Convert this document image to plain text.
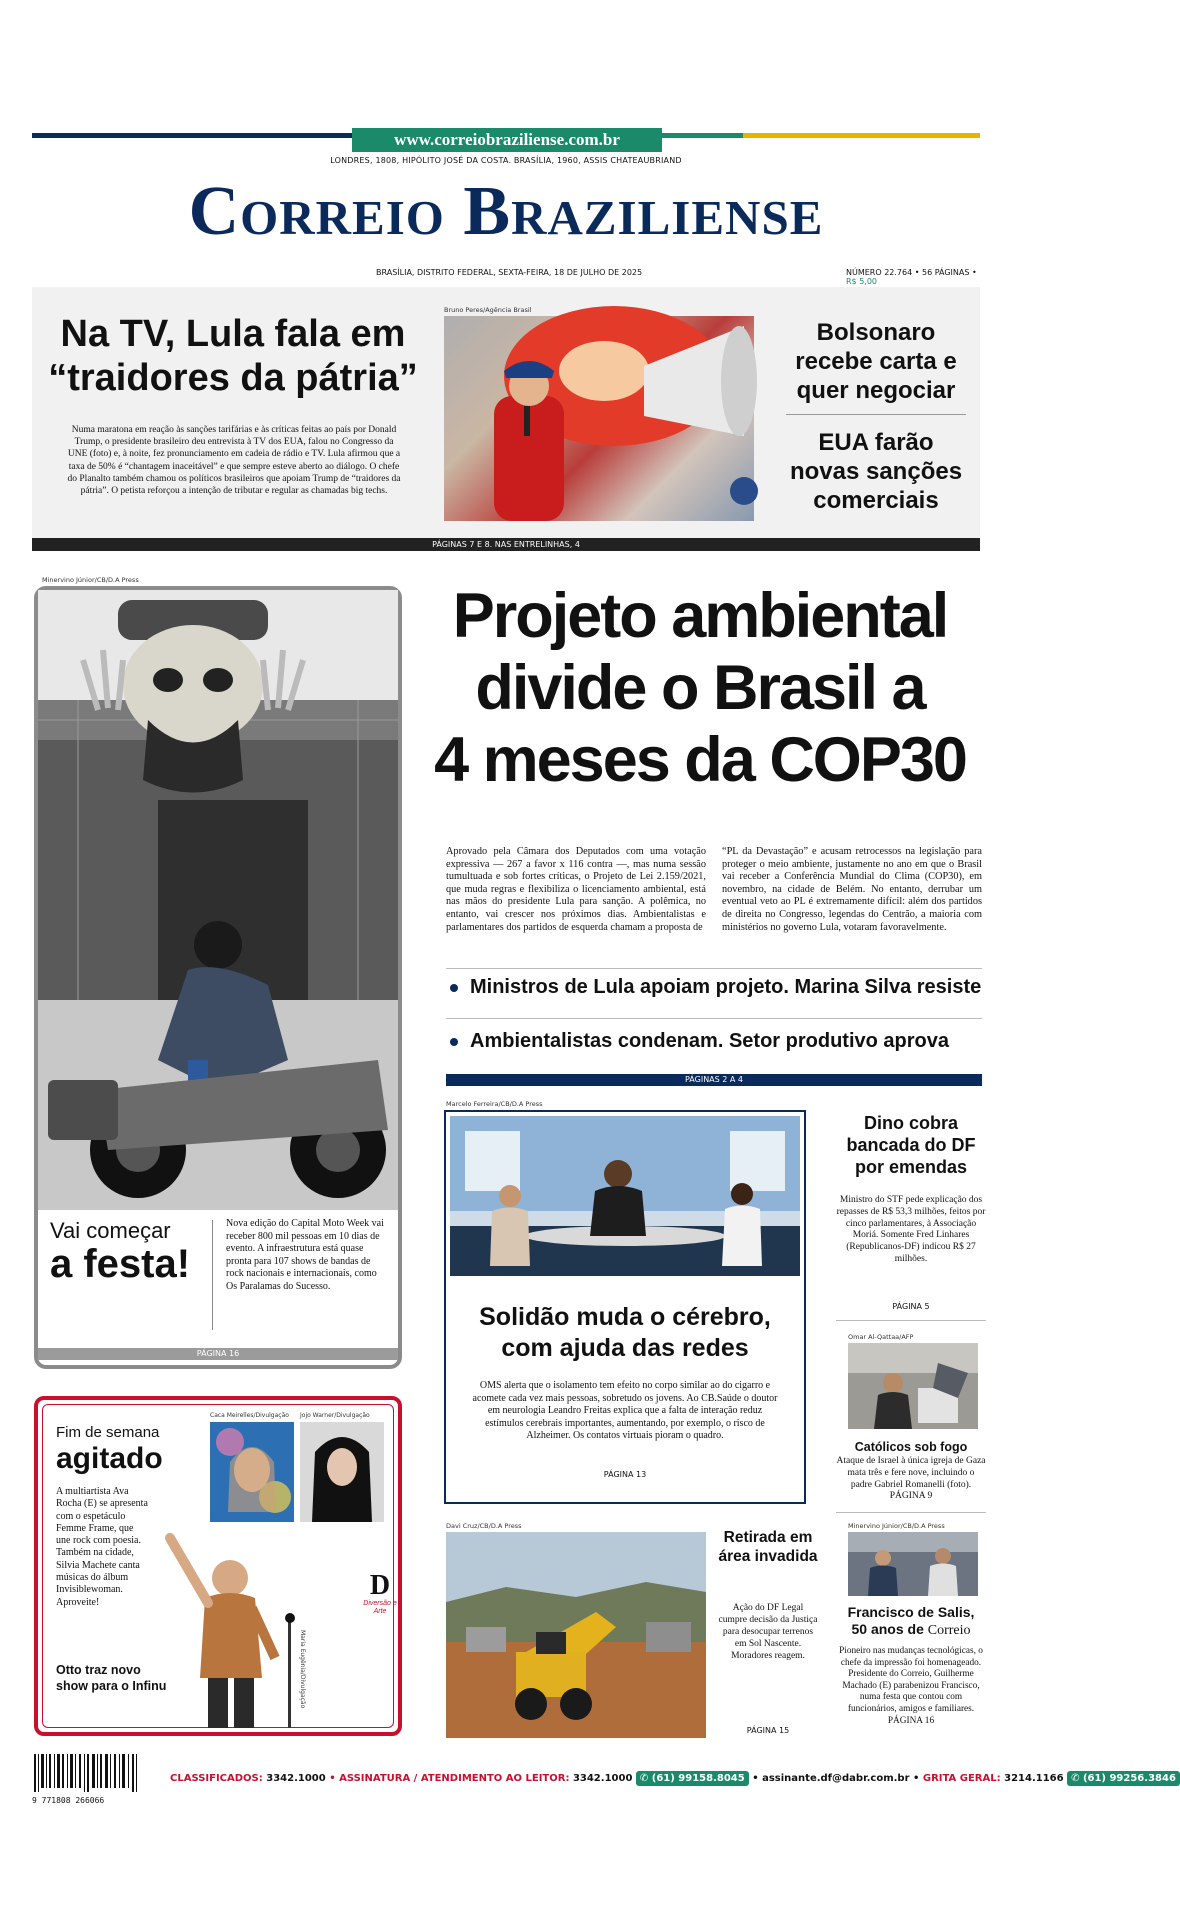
www.correiobraziliense.com.br
LONDRES, 1808, HIPÓLITO JOSÉ DA COSTA. BRASÍLIA, 1960, ASSIS CHATEAUBRIAND
Correio Braziliense
BRASÍLIA, DISTRITO FEDERAL, SEXTA-FEIRA, 18 DE JULHO DE 2025	NÚMERO 22.764 • 56 PÁGINAS • R$ 5,00
Na TV, Lula fala em
“traidores da pátria”
Numa maratona em reação às sanções tarifárias e às críticas feitas ao país por Donald Trump, o presidente brasileiro deu entrevista à TV dos EUA, falou no Congresso da UNE (foto) e, à noite, fez pronunciamento em cadeia de rádio e TV. Lula afirmou que a taxa de 50% é “chantagem inaceitável” e que sempre esteve aberto ao diálogo. O chefe do Planalto também chamou os políticos brasileiros que apoiam Trump de “traidores da pátria”. O petista reforçou a intenção de tributar e regular as chamadas big techs.
Bruno Peres/Agência Brasil
Bolsonaro recebe carta e quer negociar
EUA farão novas sanções comerciais
PÁGINAS 7 E 8. NAS ENTRELINHAS, 4
Minervino Júnior/CB/D.A Press
Vai começar
a festa!
Nova edição do Capital Moto Week vai receber 800 mil pessoas em 10 dias de evento. A infraestrutura está quase pronta para 107 shows de bandas de rock nacionais e internacionais, como Os Paralamas do Sucesso.
PÁGINA 16
Projeto ambiental
divide o Brasil a
4 meses da COP30
Aprovado pela Câmara dos Deputados com uma votação expressiva — 267 a favor x 116 contra —, mas numa sessão tumultuada e sob fortes críticas, o Projeto de Lei 2.159/2021, que muda regras e flexibiliza o licenciamento ambiental, está nas mãos do presidente Lula para sanção. A polêmica, no entanto, vai crescer nos próximos dias. Ambientalistas e parlamentares dos partidos de esquerda chamam a proposta de
“PL da Devastação” e acusam retrocessos na legislação para proteger o meio ambiente, justamente no ano em que o Brasil vai receber a Conferência Mundial do Clima (COP30), em novembro, na cidade de Belém. No entanto, derrubar um eventual veto ao PL é extremamente difícil: além dos partidos de direita no Congresso, legendas do Centrão, a maioria com ministérios no governo Lula, votaram favoravelmente.
Ministros de Lula apoiam projeto. Marina Silva resiste
Ambientalistas condenam. Setor produtivo aprova
PÁGINAS 2 A 4
Marcelo Ferreira/CB/D.A Press
Solidão muda o cérebro,
com ajuda das redes
OMS alerta que o isolamento tem efeito no corpo similar ao do cigarro e acomete cada vez mais pessoas, sobretudo os jovens. Ao CB.Saúde o doutor em neurologia Leandro Freitas explica que a falta de interação reduz estímulos cerebrais importantes, aumentando, por exemplo, o risco de Alzheimer. Os contatos virtuais pioram o quadro.
PÁGINA 13
Dino cobra bancada do DF por emendas
Ministro do STF pede explicação dos repasses de R$ 53,3 milhões, feitos por cinco parlamentares, à Associação Moriá. Somente Fred Linhares (Republicanos-DF) indicou R$ 27 milhões.
PÁGINA 5
Omar Al-Qattaa/AFP
Católicos sob fogo
Ataque de Israel à única igreja de Gaza mata três e fere nove, incluindo o padre Gabriel Romanelli (foto). PÁGINA 9
Minervino Júnior/CB/D.A Press
Francisco de Salis,
50 anos de Correio
Pioneiro nas mudanças tecnológicas, o chefe da impressão foi homenageado. Presidente do Correio, Guilherme Machado (E) parabenizou Francisco, numa festa que contou com funcionários, amigos e familiares. PÁGINA 16
Davi Cruz/CB/D.A Press
Retirada em área invadida
Ação do DF Legal cumpre decisão da Justiça para desocupar terrenos em Sol Nascente. Moradores reagem.
PÁGINA 15
Caca Meirelles/Divulgação Jojo Warner/Divulgação
Fim de semana
agitado
A multiartista Ava Rocha (E) se apresenta com o espetáculo Femme Frame, que une rock com poesia. Também na cidade, Silvia Machete canta músicas do álbum Invisiblewoman. Aproveite!
Otto traz novo show para o Infinu	Maria Eugênia/Divulgação
D
Diversão e Arte
9 771808 266066
CLASSIFICADOS: 3342.1000 • ASSINATURA / ATENDIMENTO AO LEITOR: 3342.1000 ✆ (61) 99158.8045 • assinante.df@dabr.com.br • GRITA GERAL: 3214.1166 ✆ (61) 99256.3846
